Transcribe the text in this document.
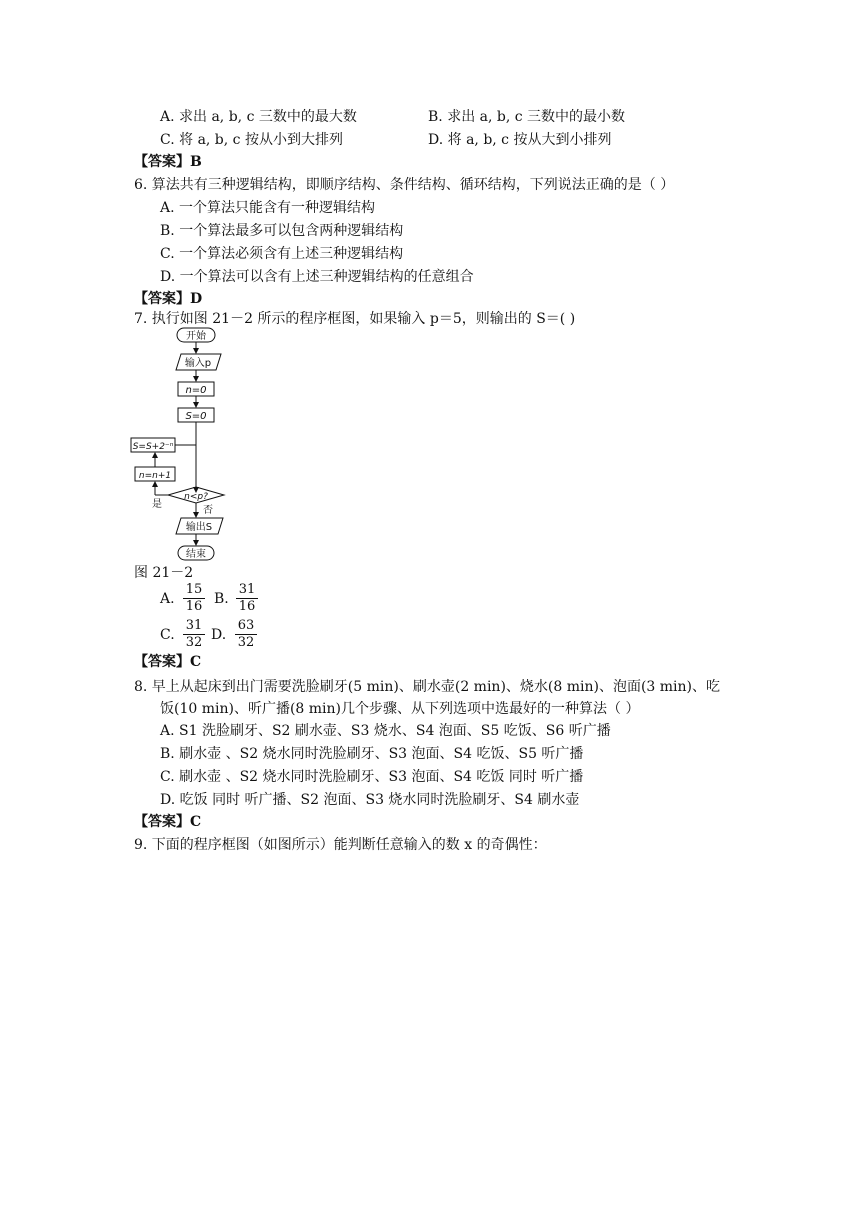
A. 求出 a, b, c 三数中的最大数	B. 求出 a, b, c 三数中的最小数
C. 将 a, b, c 按从小到大排列	D. 将 a, b, c 按从大到小排列
【答案】B
6. 算法共有三种逻辑结构，即顺序结构、条件结构、循环结构，下列说法正确的是（ ）
A. 一个算法只能含有一种逻辑结构
B. 一个算法最多可以包含两种逻辑结构
C. 一个算法必须含有上述三种逻辑结构
D. 一个算法可以含有上述三种逻辑结构的任意组合
【答案】D
7. 执行如图 21－2 所示的程序框图，如果输入 p＝5，则输出的 S＝( )
开始
输入p
n=0
S=0
S=S+2⁻ⁿ
n=n+1
n<p?
是
否
输出S
结束
图 21－2
A. $\frac{15}{16} B$. $\frac{31}{16}$
C. $\frac{31}{32} D$. $\frac{63}{32}$
【答案】C
8. 早上从起床到出门需要洗脸刷牙(5 min)、刷水壶(2 min)、烧水(8 min)、泡面(3 min)、吃
饭(10 min)、听广播(8 min)几个步骤、从下列选项中选最好的一种算法（ ）
A. S1 洗脸刷牙、S2 刷水壶、S3 烧水、S4 泡面、S5 吃饭、S6 听广播
B. 刷水壶 、S2 烧水同时洗脸刷牙、S3 泡面、S4 吃饭、S5 听广播
C. 刷水壶 、S2 烧水同时洗脸刷牙、S3 泡面、S4 吃饭 同时 听广播
D. 吃饭 同时 听广播、S2 泡面、S3 烧水同时洗脸刷牙、S4 刷水壶
【答案】C
9. 下面的程序框图（如图所示）能判断任意输入的数 x 的奇偶性：
